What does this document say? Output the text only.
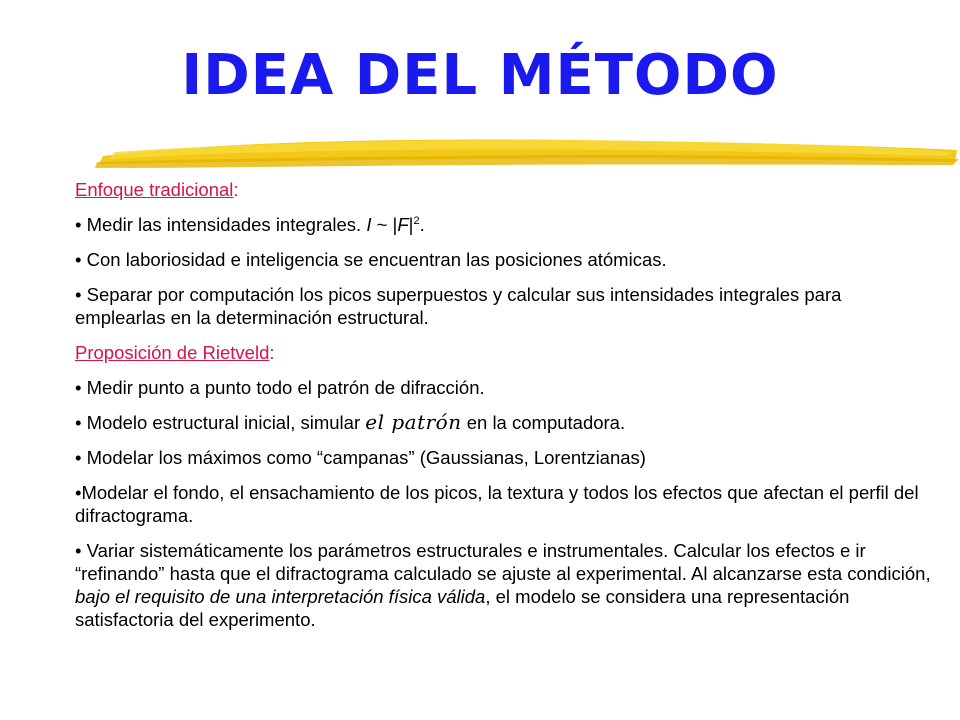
IDEA DEL MÉTODO

Enfoque tradicional:

• Medir las intensidades integrales. I ~ $|F|^2$.

• Con laboriosidad e inteligencia se encuentran las posiciones atómicas.

• Separar por computación los picos superpuestos y calcular sus intensidades integrales para emplearlas en la determinación estructural.

Proposición de Rietveld:

• Medir punto a punto todo el patrón de difracción.

• Modelo estructural inicial, simular el patrón en la computadora.

• Modelar los máximos como “campanas” (Gaussianas, Lorentzianas)

•Modelar el fondo, el ensachamiento de los picos, la textura y todos los efectos que afectan el perfil del difractograma.

• Variar sistemáticamente los parámetros estructurales e instrumentales. Calcular los efectos e ir “refinando” hasta que el difractograma calculado se ajuste al experimental. Al alcanzarse esta condición, bajo el requisito de una interpretación física válida, el modelo se considera una representación satisfactoria del experimento.
